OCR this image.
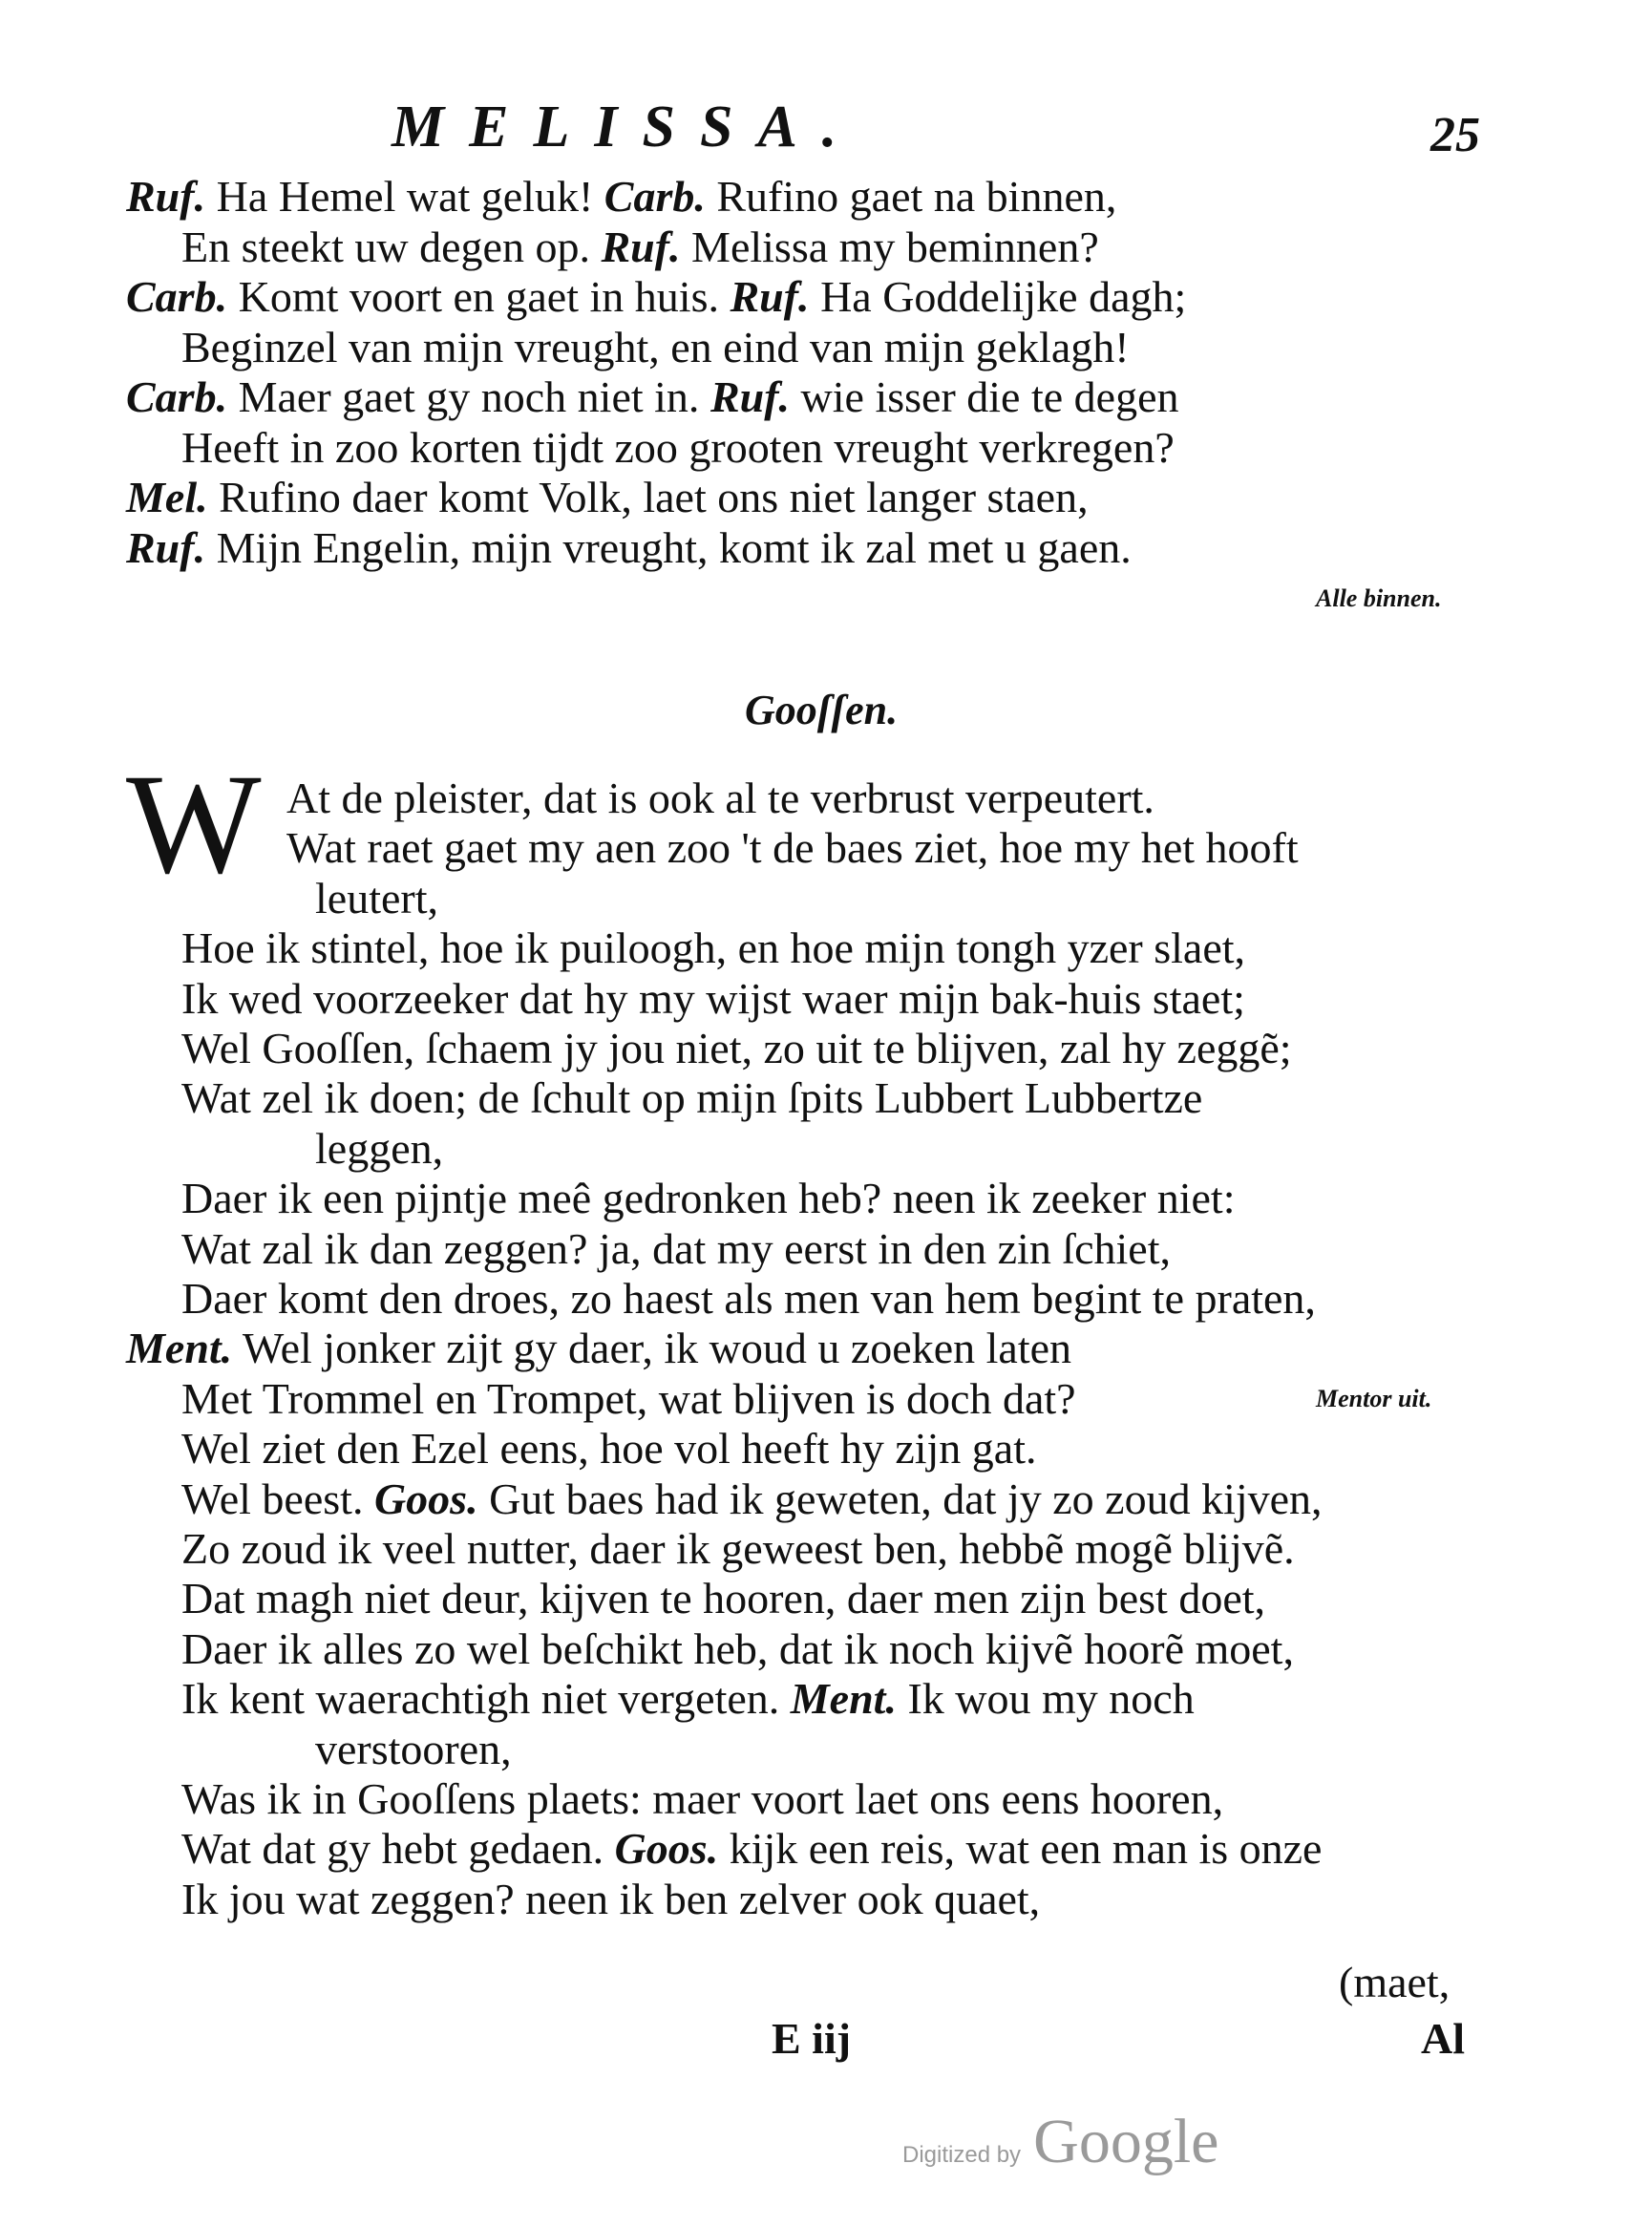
MELISSA.	25
Ruf. Ha Hemel wat geluk! Carb. Rufino gaet na binnen,
En steekt uw degen op. Ruf. Melissa my beminnen?
Carb. Komt voort en gaet in huis. Ruf. Ha Goddelijke dagh;
Beginzel van mijn vreught, en eind van mijn geklagh!
Carb. Maer gaet gy noch niet in. Ruf. wie isser die te degen
Heeft in zoo korten tijdt zoo grooten vreught verkregen?
Mel. Rufino daer komt Volk, laet ons niet langer staen,
Ruf. Mijn Engelin, mijn vreught, komt ik zal met u gaen.
Alle binnen.
Gooſſen.
W At de pleister, dat is ook al te verbrust verpeutert.
Wat raet gaet my aen zoo 't de baes ziet, hoe my het hooft
leutert,
Hoe ik stintel, hoe ik puiloogh, en hoe mijn tongh yzer slaet,
Ik wed voorzeeker dat hy my wijst waer mijn bak-huis staet;
Wel Gooſſen, ſchaem jy jou niet, zo uit te blijven, zal hy zeggẽ;
Wat zel ik doen; de ſchult op mijn ſpits Lubbert Lubbertze
leggen,
Daer ik een pijntje meê gedronken heb? neen ik zeeker niet:
Wat zal ik dan zeggen? ja, dat my eerst in den zin ſchiet,
Daer komt den droes, zo haest als men van hem begint te praten,
Ment. Wel jonker zijt gy daer, ik woud u zoeken laten
Met Trommel en Trompet, wat blijven is doch dat?
Wel ziet den Ezel eens, hoe vol heeft hy zijn gat.
Wel beest. Goos. Gut baes had ik geweten, dat jy zo zoud kijven,
Zo zoud ik veel nutter, daer ik geweest ben, hebbẽ mogẽ blijvẽ.
Dat magh niet deur, kijven te hooren, daer men zijn best doet,
Daer ik alles zo wel beſchikt heb, dat ik noch kijvẽ hoorẽ moet,
Ik kent waerachtigh niet vergeten. Ment. Ik wou my noch
verstooren,
Was ik in Gooſſens plaets: maer voort laet ons eens hooren,
Wat dat gy hebt gedaen. Goos. kijk een reis, wat een man is onze
Ik jou wat zeggen? neen ik ben zelver ook quaet,
Mentor uit.
(maet,
E iij	Al
Digitized by Google
